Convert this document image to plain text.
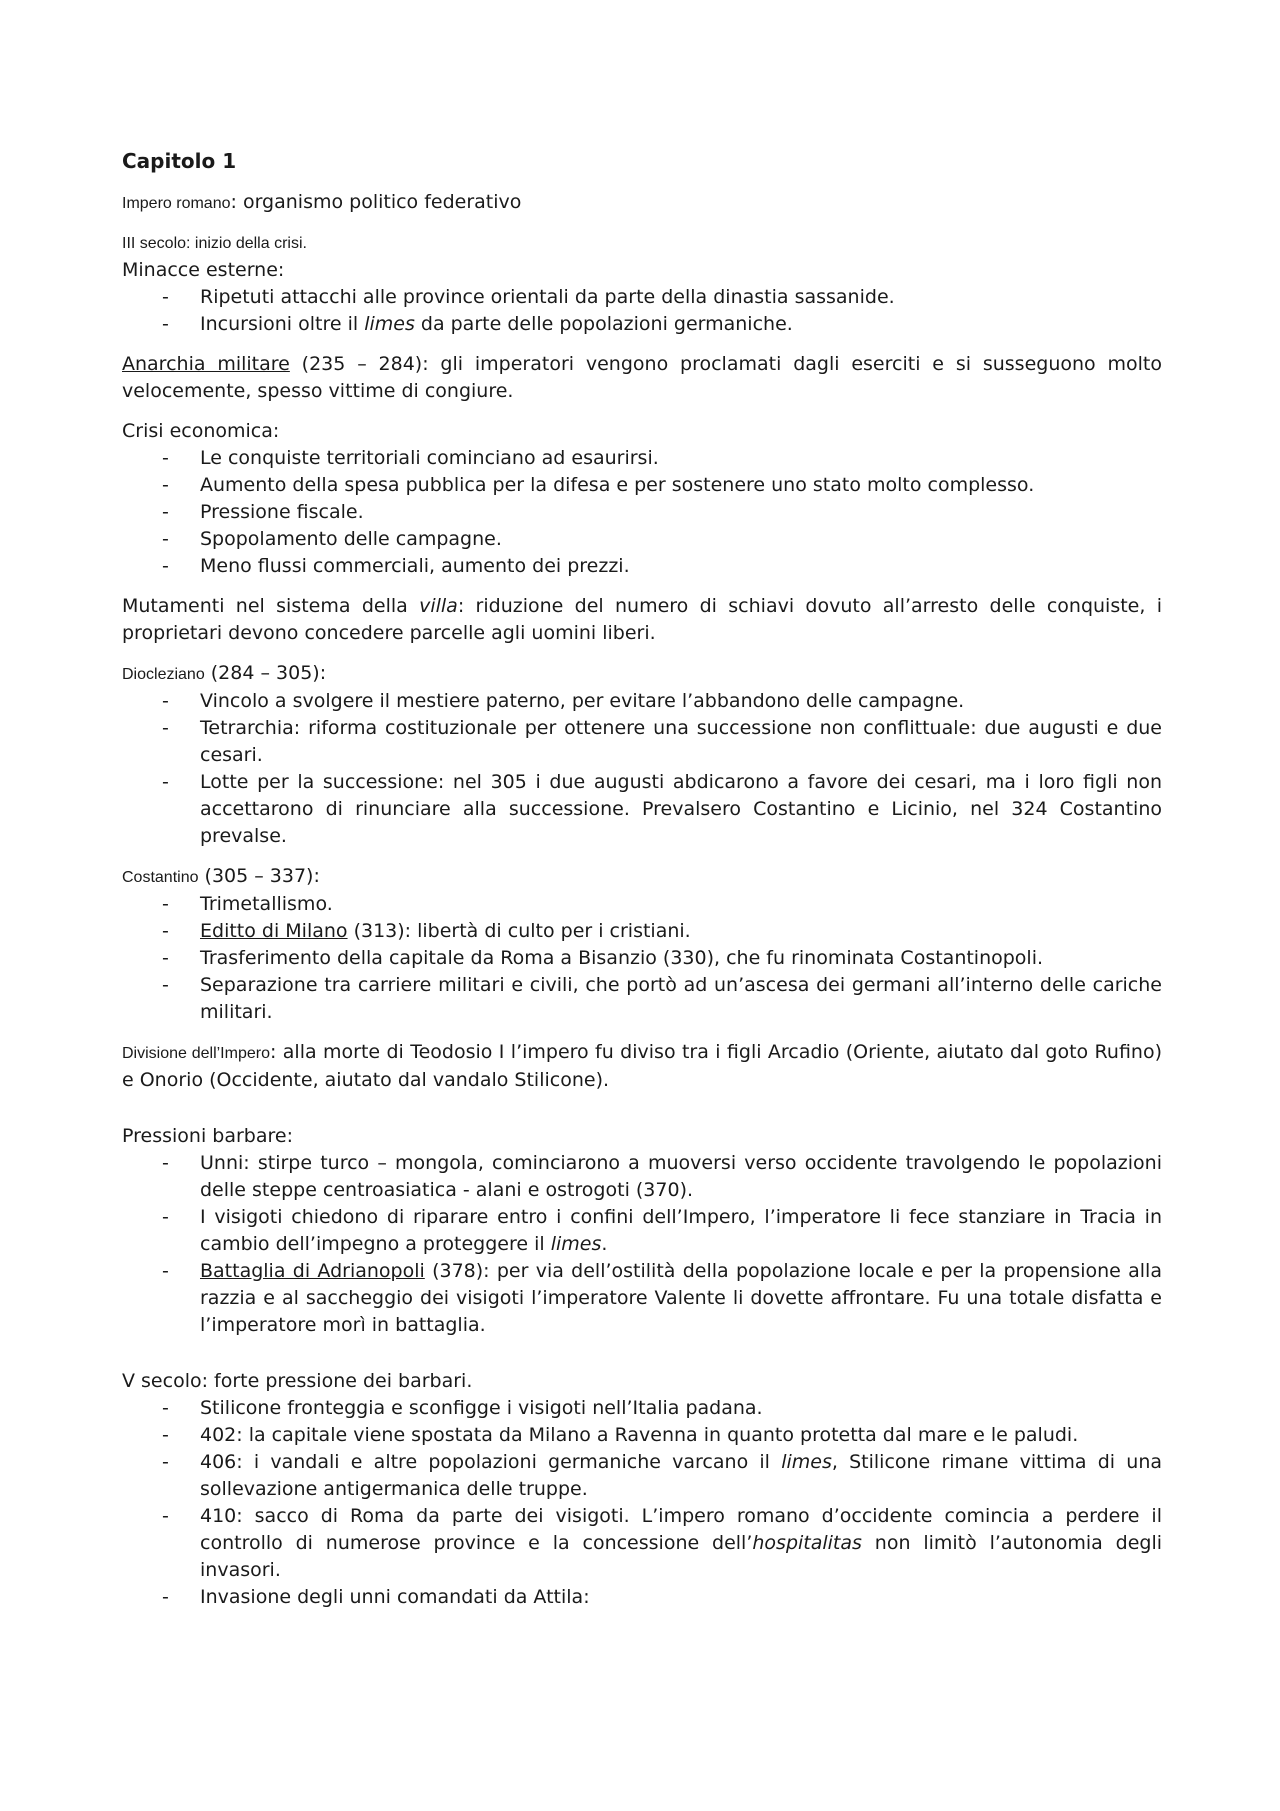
Capitolo 1

Impero romano: organismo politico federativo

III secolo: inizio della crisi.

Minacce esterne:
- Ripetuti attacchi alle province orientali da parte della dinastia sassanide.
- Incursioni oltre il limes da parte delle popolazioni germaniche.

Anarchia militare (235 – 284): gli imperatori vengono proclamati dagli eserciti e si susseguono molto velocemente, spesso vittime di congiure.

Crisi economica:
- Le conquiste territoriali cominciano ad esaurirsi.
- Aumento della spesa pubblica per la difesa e per sostenere uno stato molto complesso.
- Pressione fiscale.
- Spopolamento delle campagne.
- Meno flussi commerciali, aumento dei prezzi.

Mutamenti nel sistema della villa: riduzione del numero di schiavi dovuto all’arresto delle conquiste, i proprietari devono concedere parcelle agli uomini liberi.

Diocleziano (284 – 305):
- Vincolo a svolgere il mestiere paterno, per evitare l’abbandono delle campagne.
- Tetrarchia: riforma costituzionale per ottenere una successione non conflittuale: due augusti e due cesari.
- Lotte per la successione: nel 305 i due augusti abdicarono a favore dei cesari, ma i loro figli non accettarono di rinunciare alla successione. Prevalsero Costantino e Licinio, nel 324 Costantino prevalse.
Costantino (305 – 337):
- Trimetallismo.
- Editto di Milano (313): libertà di culto per i cristiani.
- Trasferimento della capitale da Roma a Bisanzio (330), che fu rinominata Costantinopoli.
- Separazione tra carriere militari e civili, che portò ad un’ascesa dei germani all’interno delle cariche militari.

Divisione dell’Impero: alla morte di Teodosio I l’impero fu diviso tra i figli Arcadio (Oriente, aiutato dal goto Rufino) e Onorio (Occidente, aiutato dal vandalo Stilicone).

Pressioni barbare:
- Unni: stirpe turco – mongola, cominciarono a muoversi verso occidente travolgendo le popolazioni delle steppe centroasiatica - alani e ostrogoti (370).
- I visigoti chiedono di riparare entro i confini dell’Impero, l’imperatore li fece stanziare in Tracia in cambio dell’impegno a proteggere il limes.
- Battaglia di Adrianopoli (378): per via dell’ostilità della popolazione locale e per la propensione alla razzia e al saccheggio dei visigoti l’imperatore Valente li dovette affrontare. Fu una totale disfatta e l’imperatore morì in battaglia.
V secolo: forte pressione dei barbari.
- Stilicone fronteggia e sconfigge i visigoti nell’Italia padana.
- 402: la capitale viene spostata da Milano a Ravenna in quanto protetta dal mare e le paludi.
- 406: i vandali e altre popolazioni germaniche varcano il limes, Stilicone rimane vittima di una sollevazione antigermanica delle truppe.
- 410: sacco di Roma da parte dei visigoti. L’impero romano d’occidente comincia a perdere il controllo di numerose province e la concessione dell’hospitalitas non limitò l’autonomia degli invasori.
- Invasione degli unni comandati da Attila:
